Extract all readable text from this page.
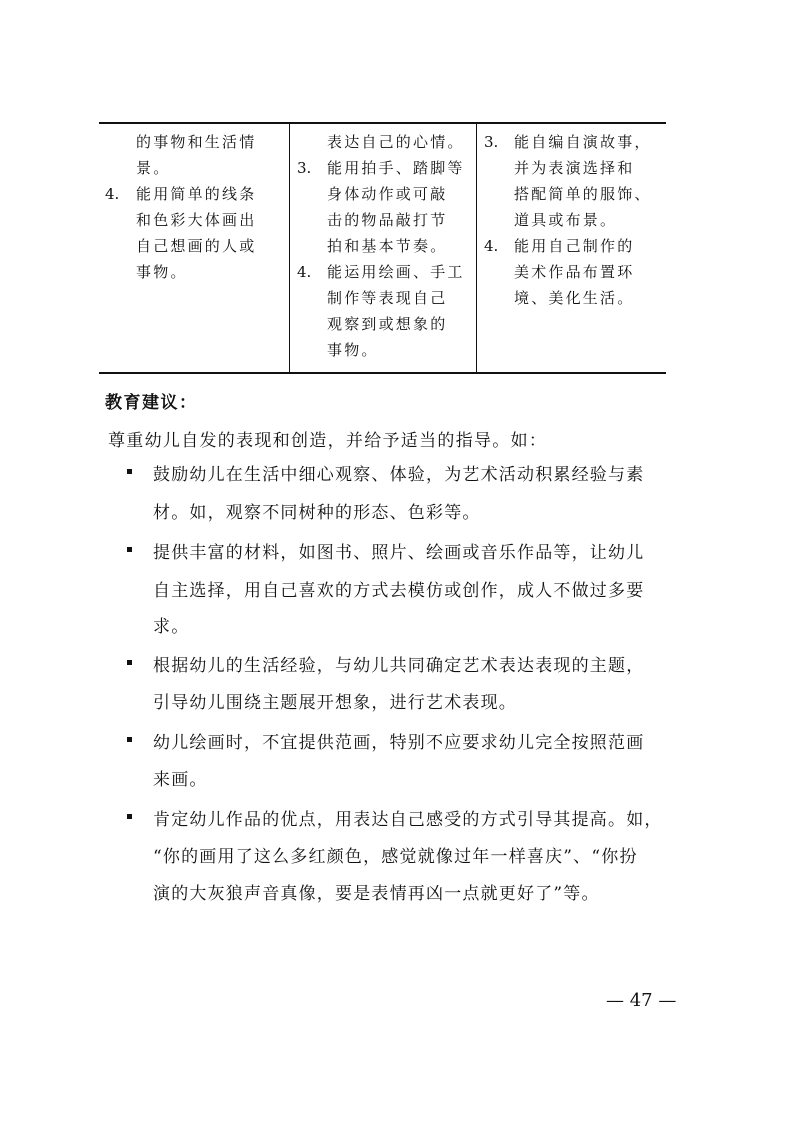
的事物和生活情
景。
4. 能用简单的线条
和色彩大体画出
自己想画的人或
事物。
表达自己的心情。
3. 能用拍手、踏脚等
身体动作或可敲
击的物品敲打节
拍和基本节奏。
4. 能运用绘画、手工
制作等表现自己
观察到或想象的
事物。
3. 能自编自演故事，
并为表演选择和
搭配简单的服饰、
道具或布景。
4. 能用自己制作的
美术作品布置环
境、美化生活。
教育建议：
尊重幼儿自发的表现和创造，并给予适当的指导。如：
鼓励幼儿在生活中细心观察、体验，为艺术活动积累经验与素
材。如，观察不同树种的形态、色彩等。
提供丰富的材料，如图书、照片、绘画或音乐作品等，让幼儿
自主选择，用自己喜欢的方式去模仿或创作，成人不做过多要
求。
根据幼儿的生活经验，与幼儿共同确定艺术表达表现的主题，
引导幼儿围绕主题展开想象，进行艺术表现。
幼儿绘画时，不宜提供范画，特别不应要求幼儿完全按照范画
来画。
肯定幼儿作品的优点，用表达自己感受的方式引导其提高。如，
“你的画用了这么多红颜色，感觉就像过年一样喜庆”、“你扮
演的大灰狼声音真像，要是表情再凶一点就更好了”等。
— 47 —
